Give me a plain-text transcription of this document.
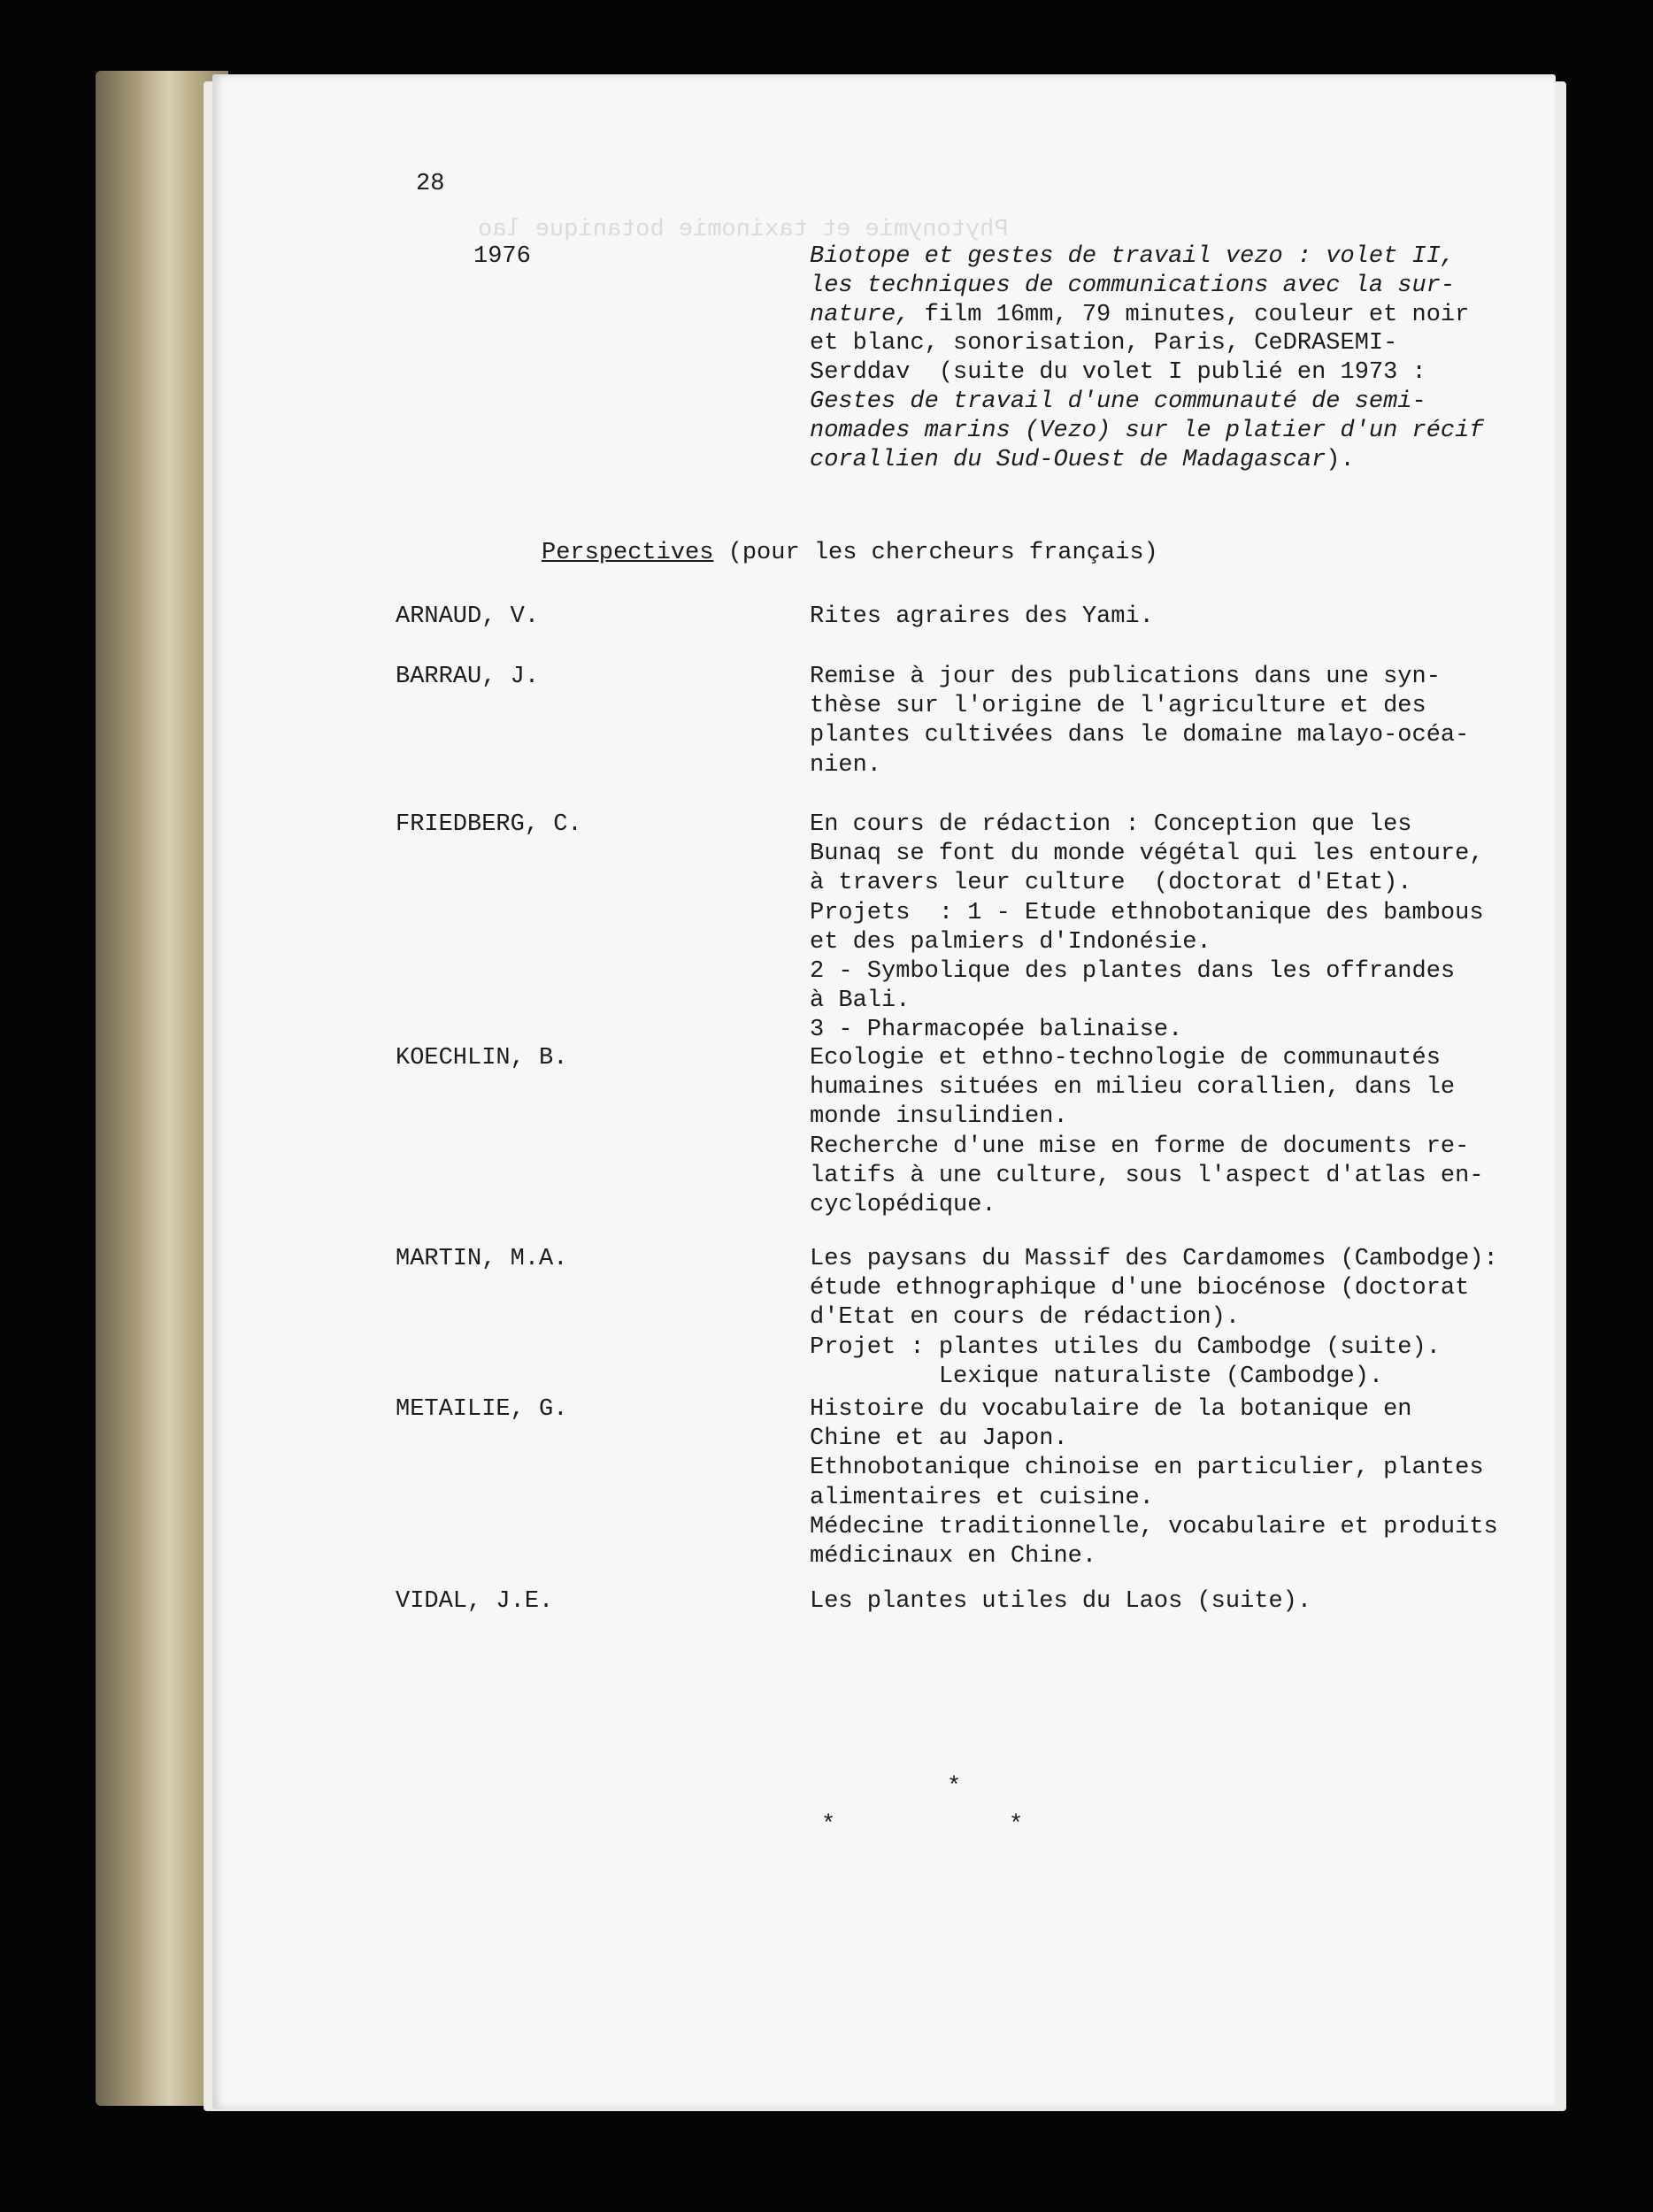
Phytonymie et taxinomie botanique lao
28
1976	Biotope et gestes de travail vezo : volet II,
les techniques de communications avec la sur-
nature, film 16mm, 79 minutes, couleur et noir
et blanc, sonorisation, Paris, CeDRASEMI-
Serddav  (suite du volet I publié en 1973 :
Gestes de travail d'une communauté de semi-
nomades marins (Vezo) sur le platier d'un récif
corallien du Sud-Ouest de Madagascar).
Perspectives (pour les chercheurs français)
ARNAUD, V.	Rites agraires des Yami.
BARRAU, J.	Remise à jour des publications dans une syn-
thèse sur l'origine de l'agriculture et des
plantes cultivées dans le domaine malayo-océa-
nien.
FRIEDBERG, C.	En cours de rédaction : Conception que les
Bunaq se font du monde végétal qui les entoure,
à travers leur culture  (doctorat d'Etat).
Projets  : 1 - Etude ethnobotanique des bambous
et des palmiers d'Indonésie.
2 - Symbolique des plantes dans les offrandes
à Bali.
3 - Pharmacopée balinaise.
KOECHLIN, B.	Ecologie et ethno-technologie de communautés
humaines situées en milieu corallien, dans le
monde insulindien.
Recherche d'une mise en forme de documents re-
latifs à une culture, sous l'aspect d'atlas en-
cyclopédique.
MARTIN, M.A.	Les paysans du Massif des Cardamomes (Cambodge):
étude ethnographique d'une biocénose (doctorat
d'Etat en cours de rédaction).
Projet : plantes utiles du Cambodge (suite).
Lexique naturaliste (Cambodge).
METAILIE, G.	Histoire du vocabulaire de la botanique en
Chine et au Japon.
Ethnobotanique chinoise en particulier, plantes
alimentaires et cuisine.
Médecine traditionnelle, vocabulaire et produits
médicinaux en Chine.
VIDAL, J.E.	Les plantes utiles du Laos (suite).
*
*	*
